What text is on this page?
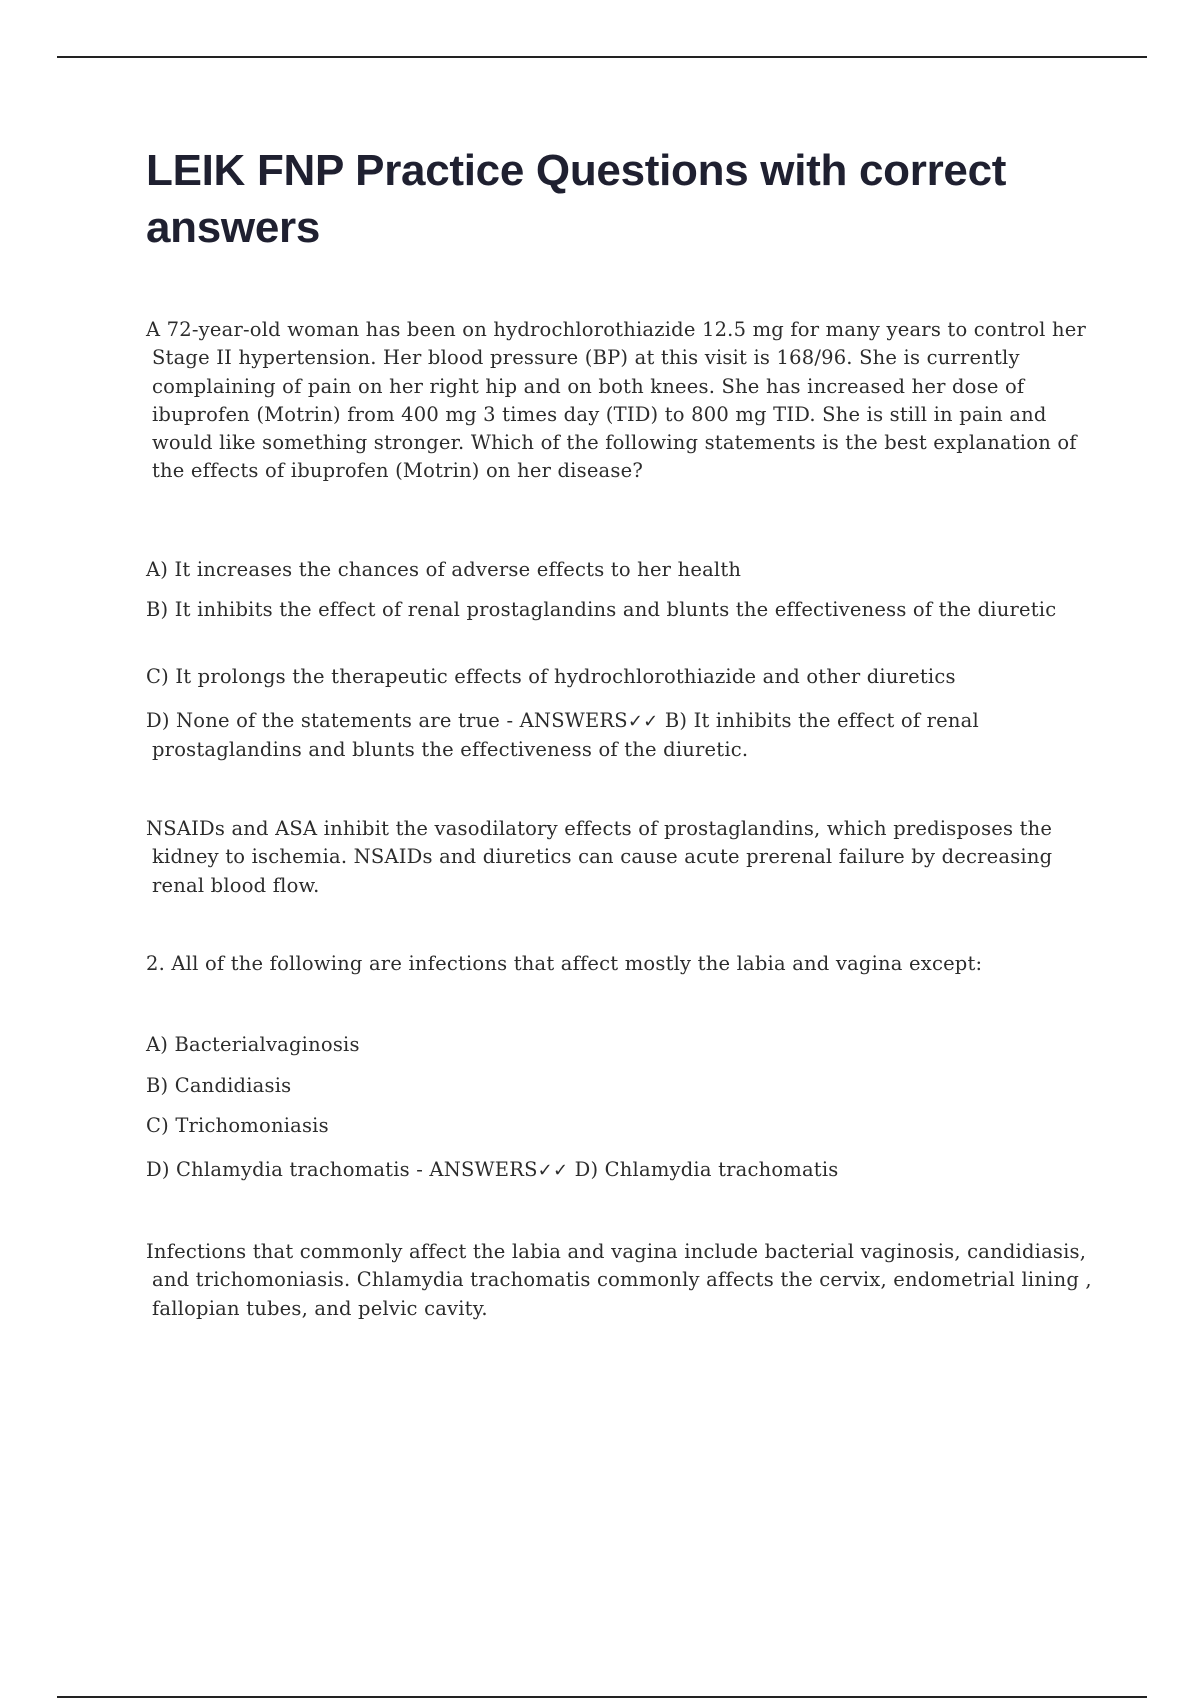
LEIK FNP Practice Questions with correct answers

A 72-year-old woman has been on hydrochlorothiazide 12.5 mg for many years to control her Stage II hypertension. Her blood pressure (BP) at this visit is 168/96. She is currently complaining of pain on her right hip and on both knees. She has increased her dose of ibuprofen (Motrin) from 400 mg 3 times day (TID) to 800 mg TID. She is still in pain and would like something stronger. Which of the following statements is the best explanation of the effects of ibuprofen (Motrin) on her disease?

A) It increases the chances of adverse effects to her health

B) It inhibits the effect of renal prostaglandins and blunts the effectiveness of the diuretic

C) It prolongs the therapeutic effects of hydrochlorothiazide and other diuretics

D) None of the statements are true - ANSWERS✓✓ B) It inhibits the effect of renal prostaglandins and blunts the effectiveness of the diuretic.

NSAIDs and ASA inhibit the vasodilatory effects of prostaglandins, which predisposes the kidney to ischemia. NSAIDs and diuretics can cause acute prerenal failure by decreasing renal blood flow.

2. All of the following are infections that affect mostly the labia and vagina except:

A) Bacterialvaginosis

B) Candidiasis

C) Trichomoniasis

D) Chlamydia trachomatis - ANSWERS✓✓ D) Chlamydia trachomatis

Infections that commonly affect the labia and vagina include bacterial vaginosis, candidiasis, and trichomoniasis. Chlamydia trachomatis commonly affects the cervix, endometrial lining , fallopian tubes, and pelvic cavity.
